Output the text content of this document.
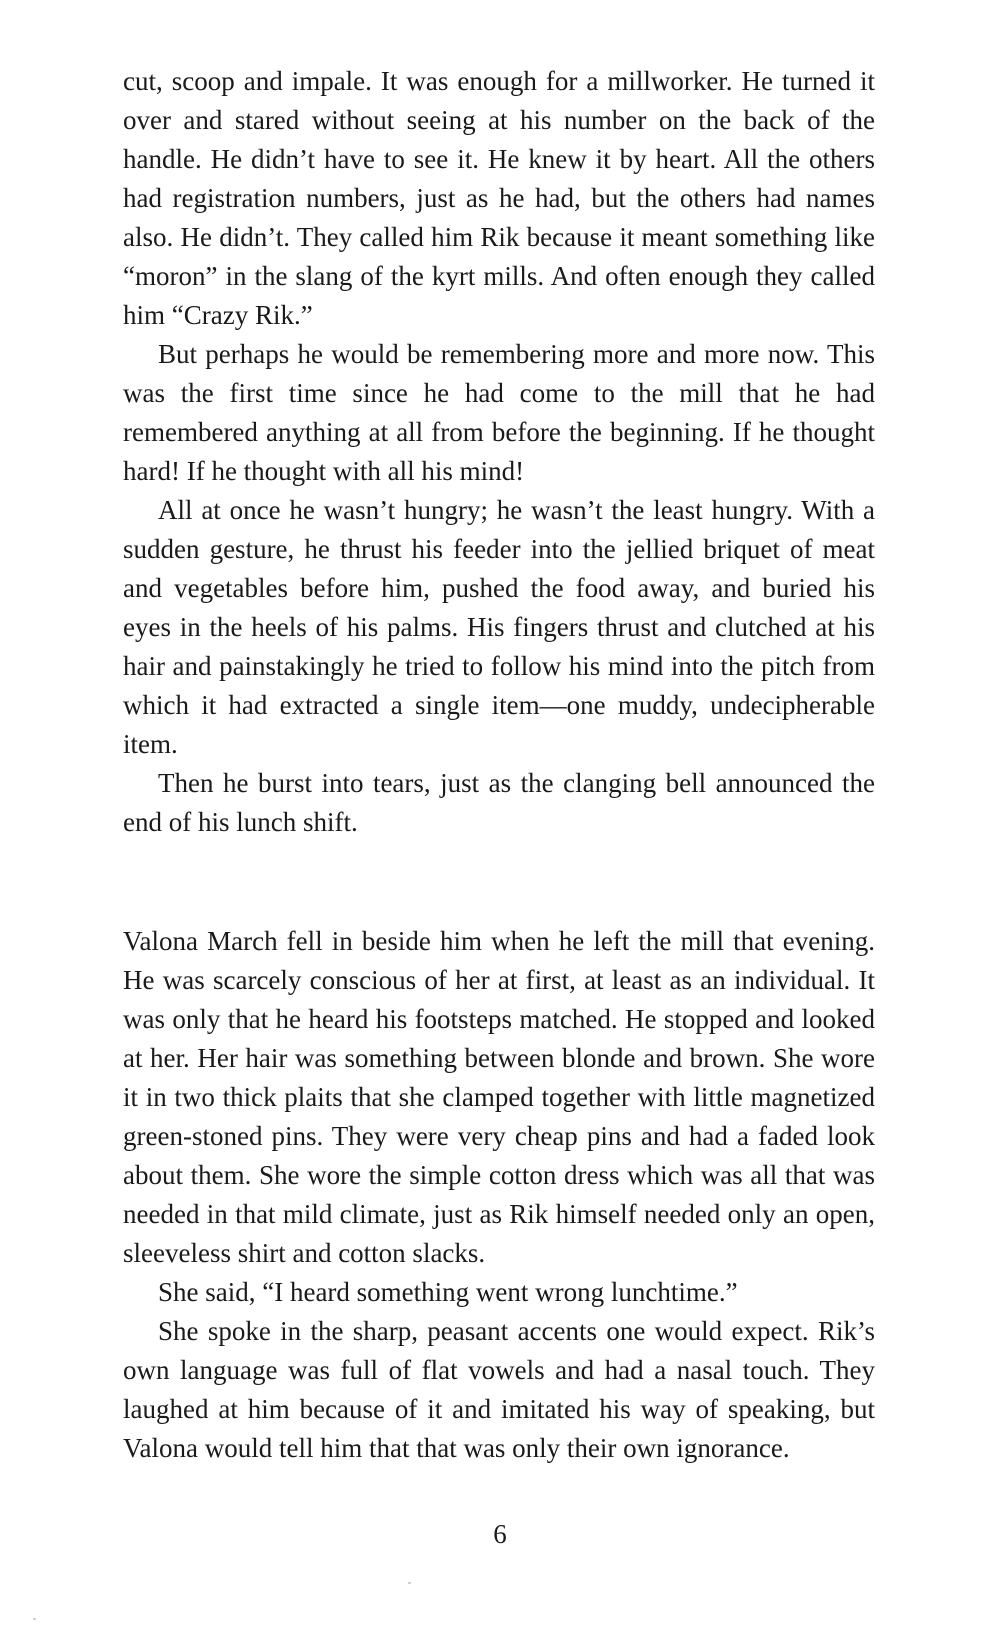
cut, scoop and impale. It was enough for a millworker. He turned it over and stared without seeing at his number on the back of the handle. He didn’t have to see it. He knew it by heart. All the others had registration numbers, just as he had, but the others had names also. He didn’t. They called him Rik because it meant something like “moron” in the slang of the kyrt mills. And often enough they called him “Crazy Rik.”

But perhaps he would be remembering more and more now. This was the first time since he had come to the mill that he had remembered anything at all from before the beginning. If he thought hard! If he thought with all his mind!

All at once he wasn’t hungry; he wasn’t the least hungry. With a sudden gesture, he thrust his feeder into the jellied briquet of meat and vegetables before him, pushed the food away, and buried his eyes in the heels of his palms. His fingers thrust and clutched at his hair and painstakingly he tried to follow his mind into the pitch from which it had extracted a single item—one muddy, undecipherable item.

Then he burst into tears, just as the clanging bell announced the end of his lunch shift.

Valona March fell in beside him when he left the mill that evening. He was scarcely conscious of her at first, at least as an individual. It was only that he heard his footsteps matched. He stopped and looked at her. Her hair was something between blonde and brown. She wore it in two thick plaits that she clamped together with little magnetized green-stoned pins. They were very cheap pins and had a faded look about them. She wore the simple cotton dress which was all that was needed in that mild climate, just as Rik himself needed only an open, sleeveless shirt and cotton slacks.

She said, “I heard something went wrong lunchtime.”

She spoke in the sharp, peasant accents one would expect. Rik’s own language was full of flat vowels and had a nasal touch. They laughed at him because of it and imitated his way of speaking, but Valona would tell him that that was only their own ignorance.

6
